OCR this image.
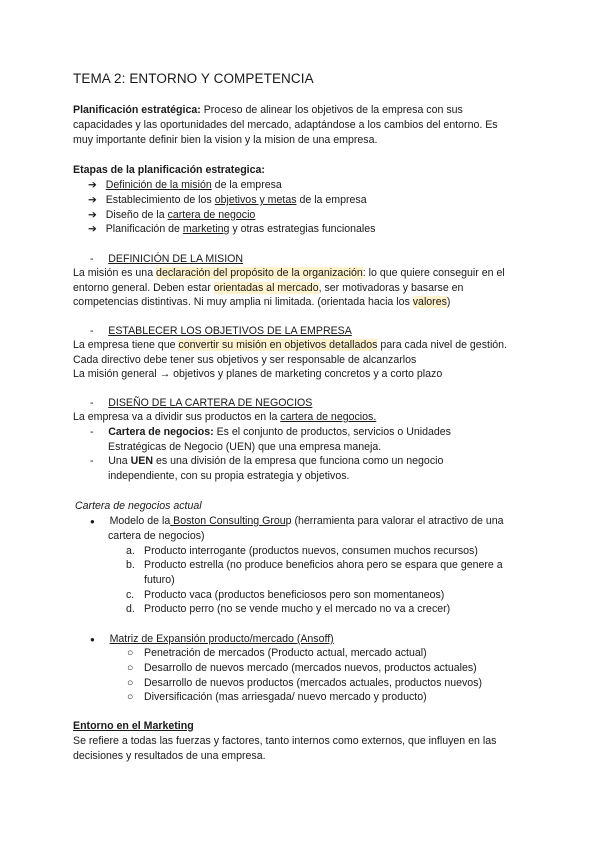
TEMA 2: ENTORNO Y COMPETENCIA
Planificación estratégica: Proceso de alinear los objetivos de la empresa con sus
capacidades y las oportunidades del mercado, adaptándose a los cambios del entorno. Es
muy importante definir bien la vision y la mision de una empresa.
Etapas de la planificación estrategica:
➔ Definición de la misión de la empresa
➔ Establecimiento de los objetivos y metas de la empresa
➔ Diseño de la cartera de negocio
➔ Planificación de marketing y otras estrategias funcionales
- DEFINICIÓN DE LA MISION
La misión es una declaración del propósito de la organización: lo que quiere conseguir en el
entorno general. Deben estar orientadas al mercado, ser motivadoras y basarse en
competencias distintivas. Ni muy amplia ni limitada. (orientada hacia los valores)
- ESTABLECER LOS OBJETIVOS DE LA EMPRESA
La empresa tiene que convertir su misión en objetivos detallados para cada nivel de gestión.
Cada directivo debe tener sus objetivos y ser responsable de alcanzarlos
La misión general → objetivos y planes de marketing concretos y a corto plazo
- DISEÑO DE LA CARTERA DE NEGOCIOS
La empresa va a dividir sus productos en la cartera de negocios.
- Cartera de negocios: Es el conjunto de productos, servicios o Unidades
Estratégicas de Negocio (UEN) que una empresa maneja.
- Una UEN es una división de la empresa que funciona como un negocio
independiente, con su propia estrategia y objetivos.
Cartera de negocios actual
● Modelo de la Boston Consulting Group (herramienta para valorar el atractivo de una
cartera de negocios)
a. Producto interrogante (productos nuevos, consumen muchos recursos)
b. Producto estrella (no produce beneficios ahora pero se espara que genere a
futuro)
c. Producto vaca (productos beneficiosos pero son momentaneos)
d. Producto perro (no se vende mucho y el mercado no va a crecer)
● Matriz de Expansión producto/mercado (Ansoff)
○ Penetración de mercados (Producto actual, mercado actual)
○ Desarrollo de nuevos mercado (mercados nuevos, productos actuales)
○ Desarrollo de nuevos productos (mercados actuales, productos nuevos)
○ Diversificación (mas arriesgada/ nuevo mercado y producto)
Entorno en el Marketing
Se refiere a todas las fuerzas y factores, tanto internos como externos, que influyen en las
decisiones y resultados de una empresa.
